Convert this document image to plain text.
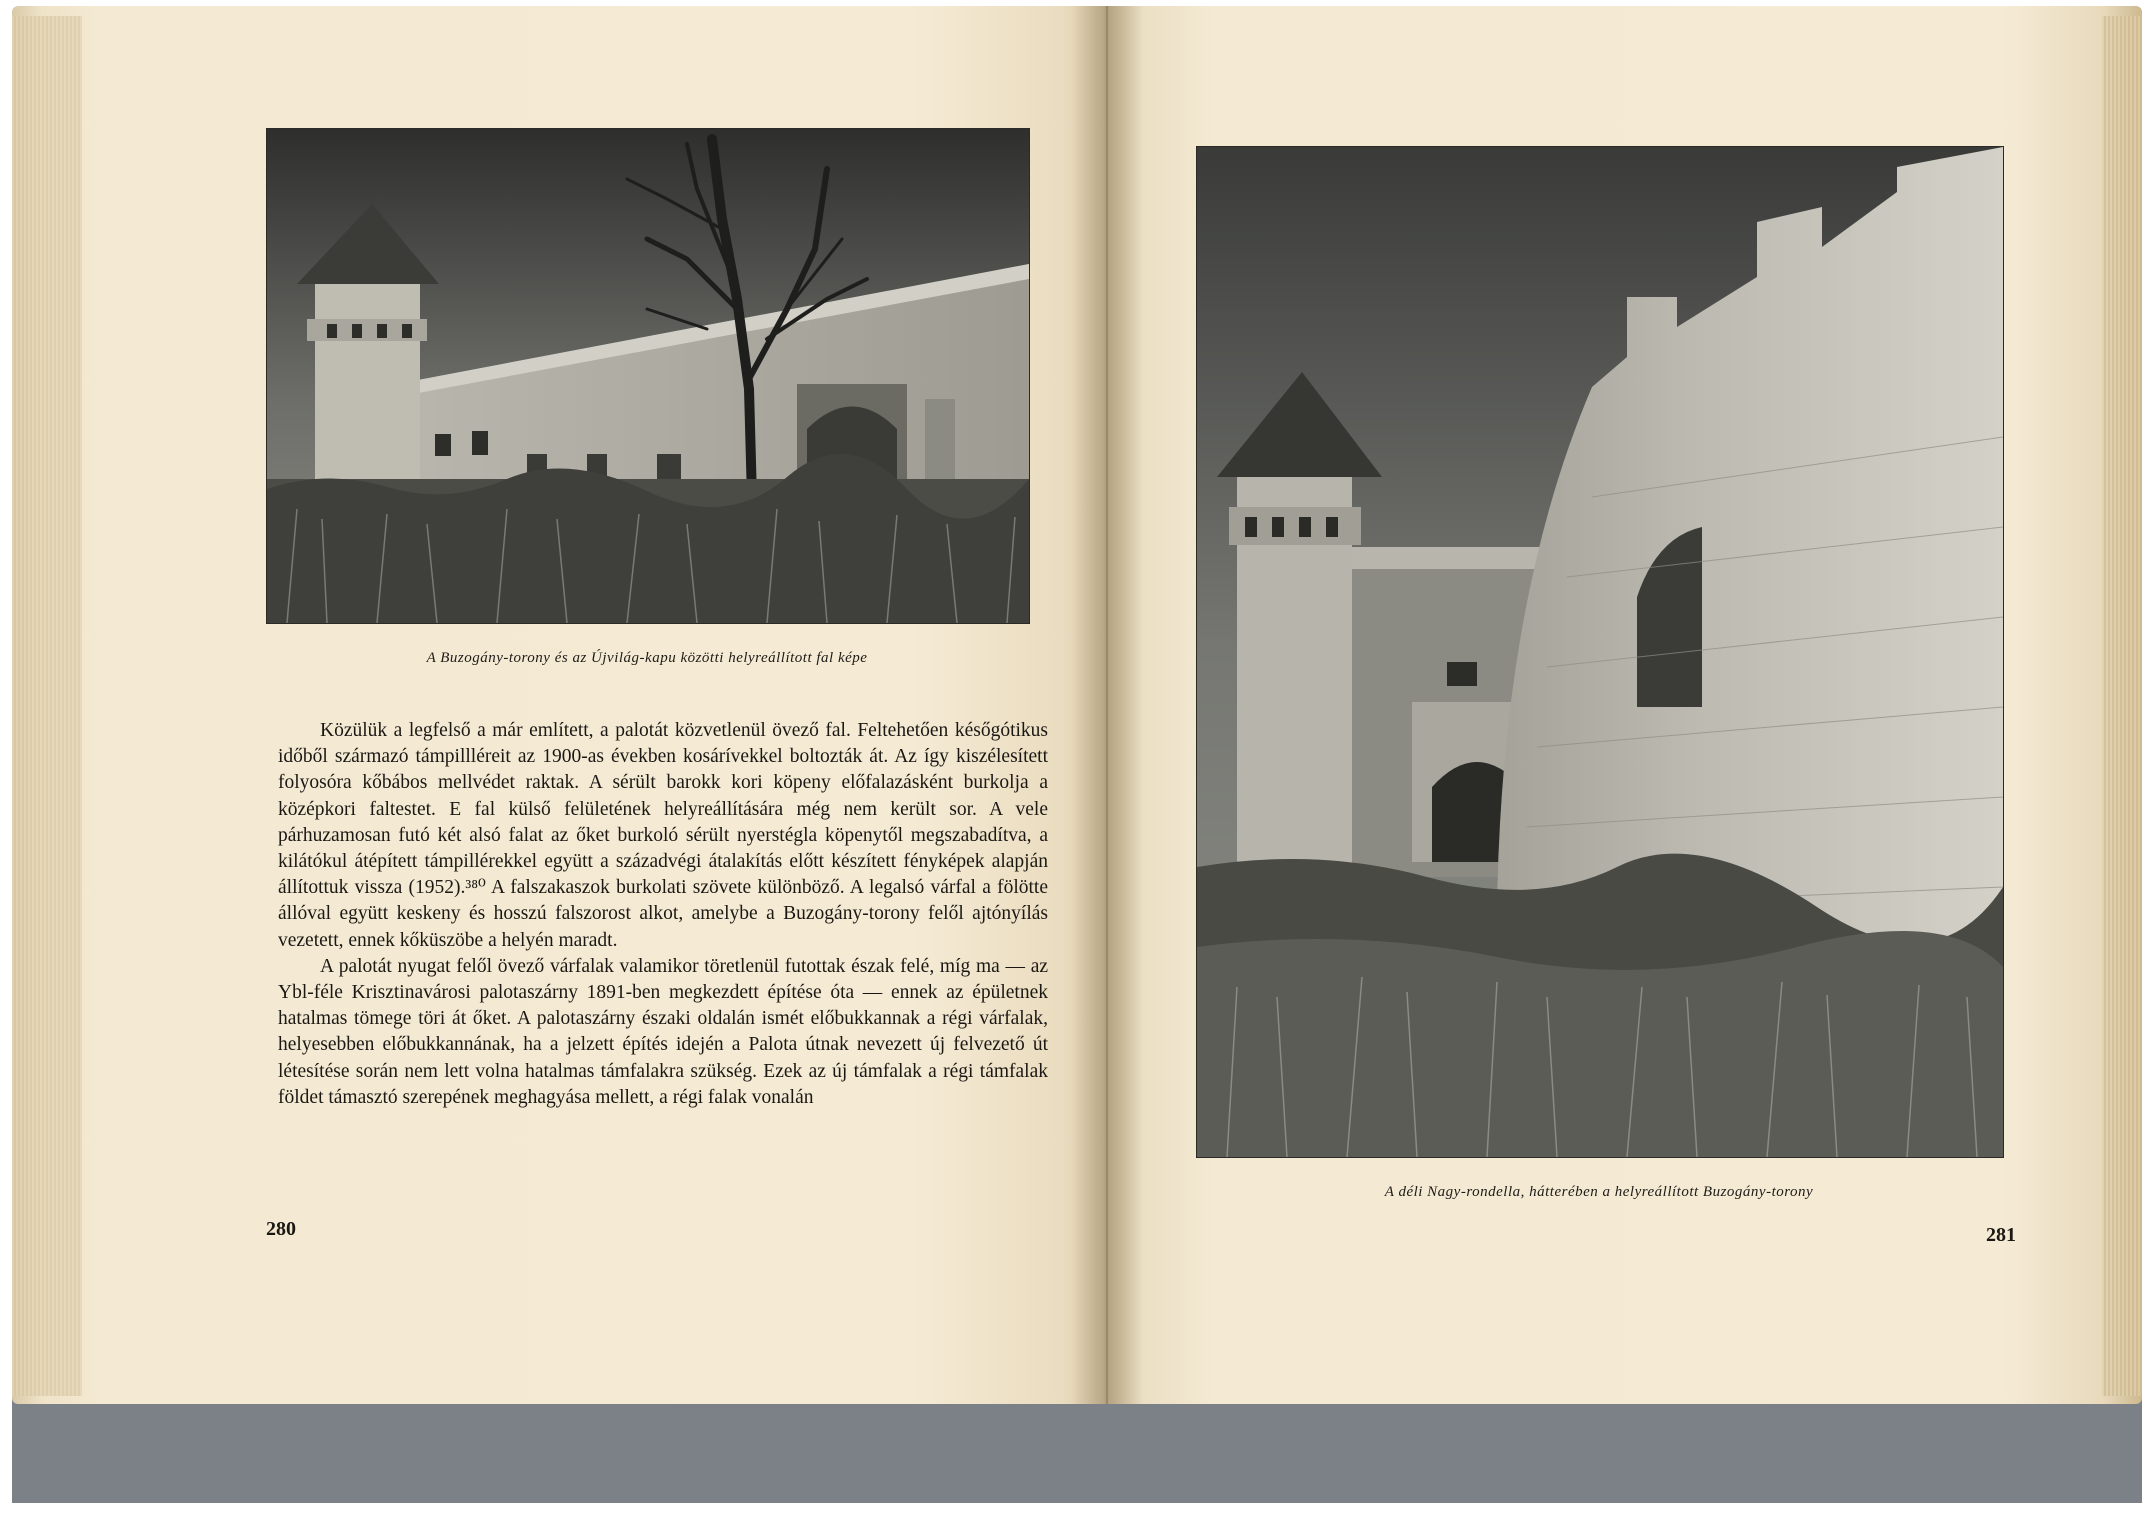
A Buzogány-torony és az Újvilág-kapu közötti helyreállított fal képe

Közülük a legfelső a már említett, a palotát közvetlenül övező fal. Feltehetően későgótikus időből származó támpillléreit az 1900-as években kosárívekkel boltozták át. Az így kiszélesített folyosóra kőbábos mellvédet raktak. A sérült barokk kori köpeny előfalazásként burkolja a középkori faltestet. E fal külső felületének helyreállítására még nem került sor. A vele párhuzamosan futó két alsó falat az őket burkoló sérült nyerstégla köpenytől megszabadítva, a kilátókul átépített támpillérekkel együtt a századvégi átalakítás előtt készített fényképek alapján állítottuk vissza (1952).³⁸⁰ A falszakaszok burkolati szövete különböző. A legalsó várfal a fölötte állóval együtt keskeny és hosszú falszorost alkot, amelybe a Buzogány-torony felől ajtónyílás vezetett, ennek kőküszöbe a helyén maradt.

A palotát nyugat felől övező várfalak valamikor töretlenül futottak észak felé, míg ma — az Ybl-féle Krisztinavárosi palotaszárny 1891-ben megkezdett építése óta — ennek az épületnek hatalmas tömege töri át őket. A palotaszárny északi oldalán ismét előbukkannak a régi várfalak, helyesebben előbukkannának, ha a jelzett építés idején a Palota útnak nevezett új felvezető út létesítése során nem lett volna hatalmas támfalakra szükség. Ezek az új támfalak a régi támfalak földet támasztó szerepének meghagyása mellett, a régi falak vonalán

280
A déli Nagy-rondella, hátterében a helyreállított Buzogány-torony
281
